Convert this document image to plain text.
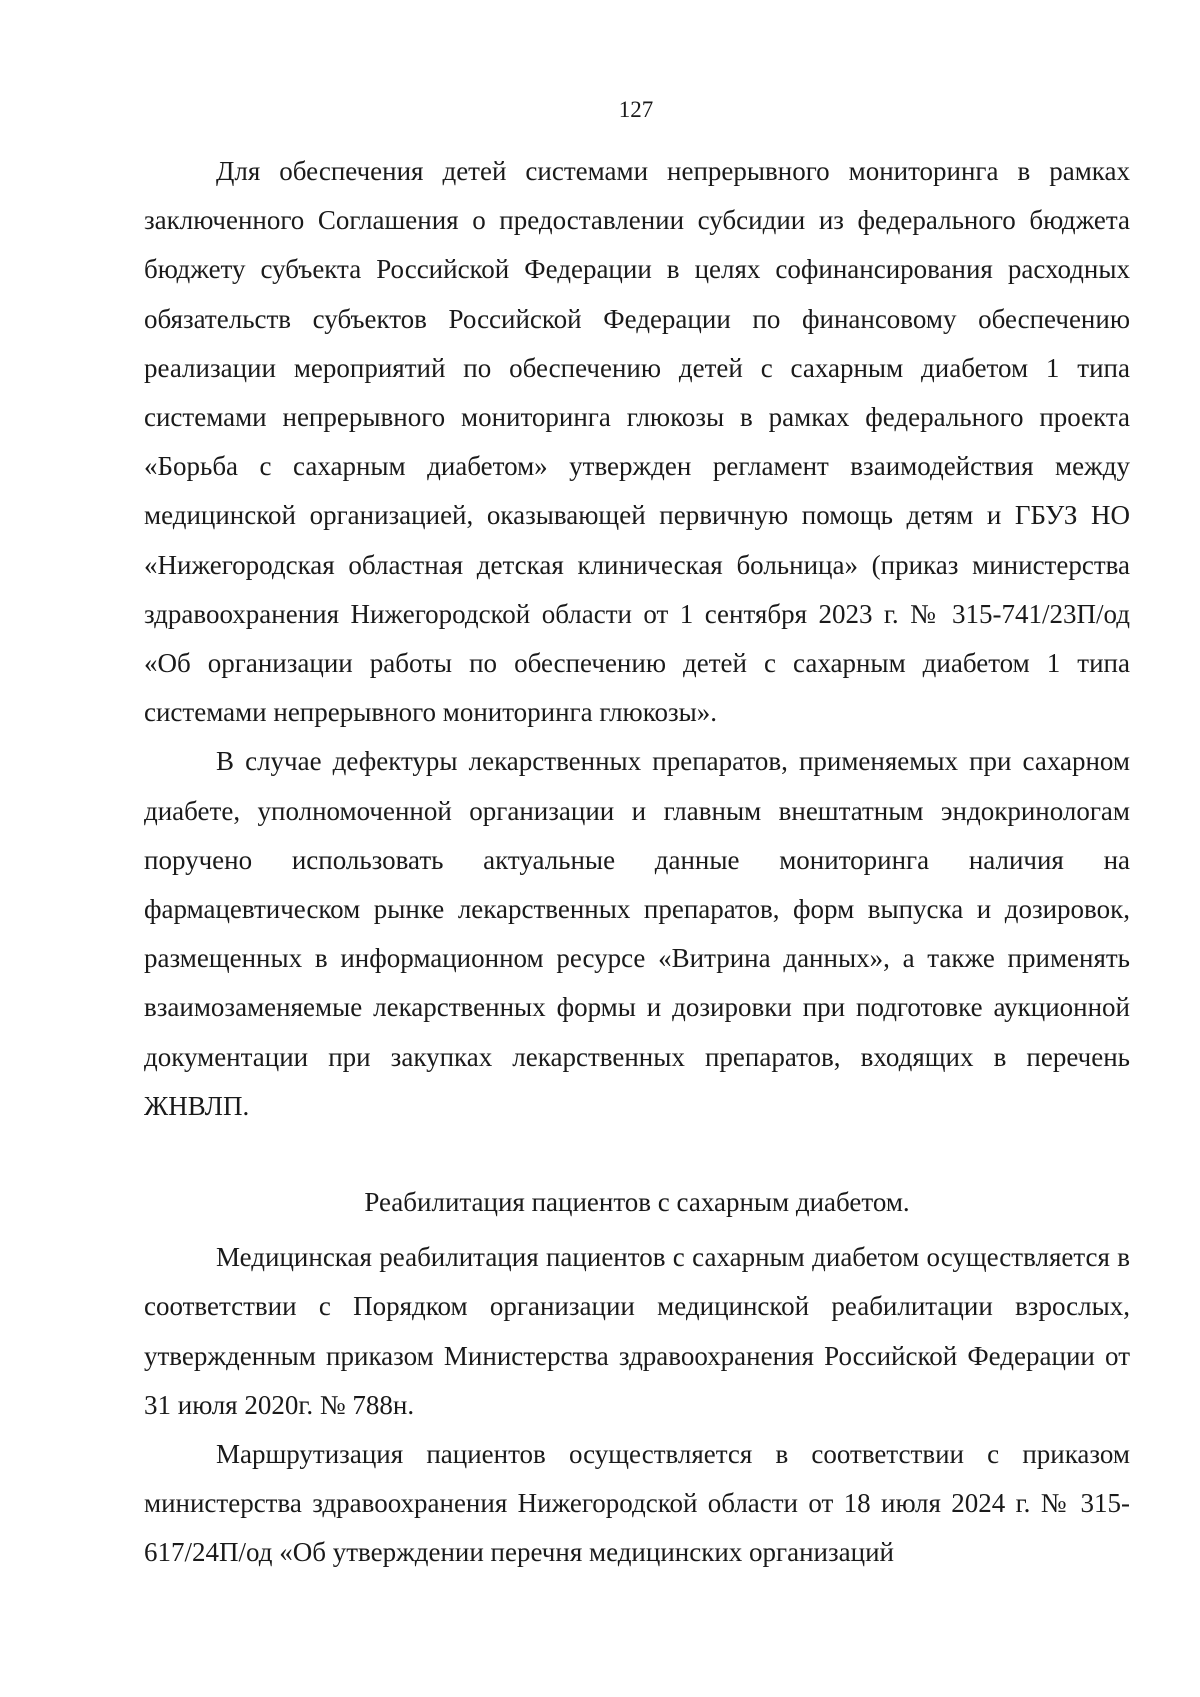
127

Для обеспечения детей системами непрерывного мониторинга в рамках заключенного Соглашения о предоставлении субсидии из федерального бюджета бюджету субъекта Российской Федерации в целях софинансирования расходных обязательств субъектов Российской Федерации по финансовому обеспечению реализации мероприятий по обеспечению детей с сахарным диабетом 1 типа системами непрерывного мониторинга глюкозы в рамках федерального проекта «Борьба с сахарным диабетом» утвержден регламент взаимодействия между медицинской организацией, оказывающей первичную помощь детям и ГБУЗ НО «Нижегородская областная детская клиническая больница» (приказ министерства здравоохранения Нижегородской области от 1 сентября 2023 г. № 315-741/23П/од «Об организации работы по обеспечению детей с сахарным диабетом 1 типа системами непрерывного мониторинга глюкозы».

В случае дефектуры лекарственных препаратов, применяемых при сахарном диабете, уполномоченной организации и главным внештатным эндокринологам поручено использовать актуальные данные мониторинга наличия на фармацевтическом рынке лекарственных препаратов, форм выпуска и дозировок, размещенных в информационном ресурсе «Витрина данных», а также применять взаимозаменяемые лекарственных формы и дозировки при подготовке аукционной документации при закупках лекарственных препаратов, входящих в перечень ЖНВЛП.

Реабилитация пациентов с сахарным диабетом.

Медицинская реабилитация пациентов с сахарным диабетом осуществляется в соответствии с Порядком организации медицинской реабилитации взрослых, утвержденным приказом Министерства здравоохранения Российской Федерации от 31 июля 2020г. № 788н.

Маршрутизация пациентов осуществляется в соответствии с приказом министерства здравоохранения Нижегородской области от 18 июля 2024 г. № 315-617/24П/од «Об утверждении перечня медицинских организаций
